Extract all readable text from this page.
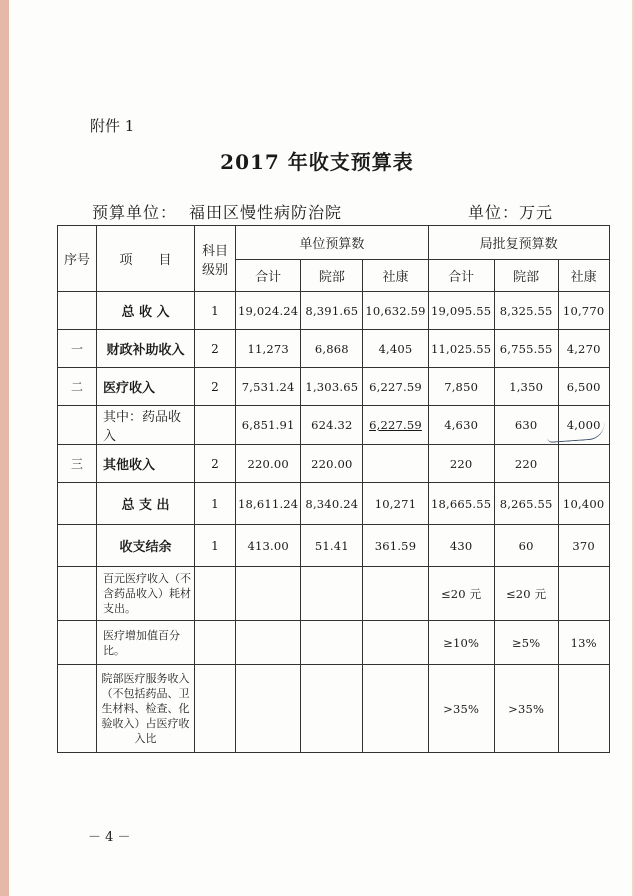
附件 1
2017 年收支预算表
预算单位： 福田区慢性病防治院	单位：万元
序号	项　　目	科目级别	单位预算数			局批复预算数		
			合计	院部	社康	合计	院部	社康
	总 收 入	1	19,024.24	8,391.65	10,632.59	19,095.55	8,325.55	10,770
一	财政补助收入	2	11,273	6,868	4,405	11,025.55	6,755.55	4,270
二	医疗收入	2	7,531.24	1,303.65	6,227.59	7,850	1,350	6,500
	其中：药品收入		6,851.91	624.32	6,227.59	4,630	630	4,000
三	其他收入	2	220.00	220.00		220	220	
	总 支 出	1	18,611.24	8,340.24	10,271	18,665.55	8,265.55	10,400
	收支结余	1	413.00	51.41	361.59	430	60	370
	百元医疗收入（不含药品收入）耗材支出。					≤20 元	≤20 元	
	医疗增加值百分比。					≥10%	≥5%	13%
	院部医疗服务收入（不包括药品、卫生材料、检查、化验收入）占医疗收入比					>35%	>35%	
－ 4 －
